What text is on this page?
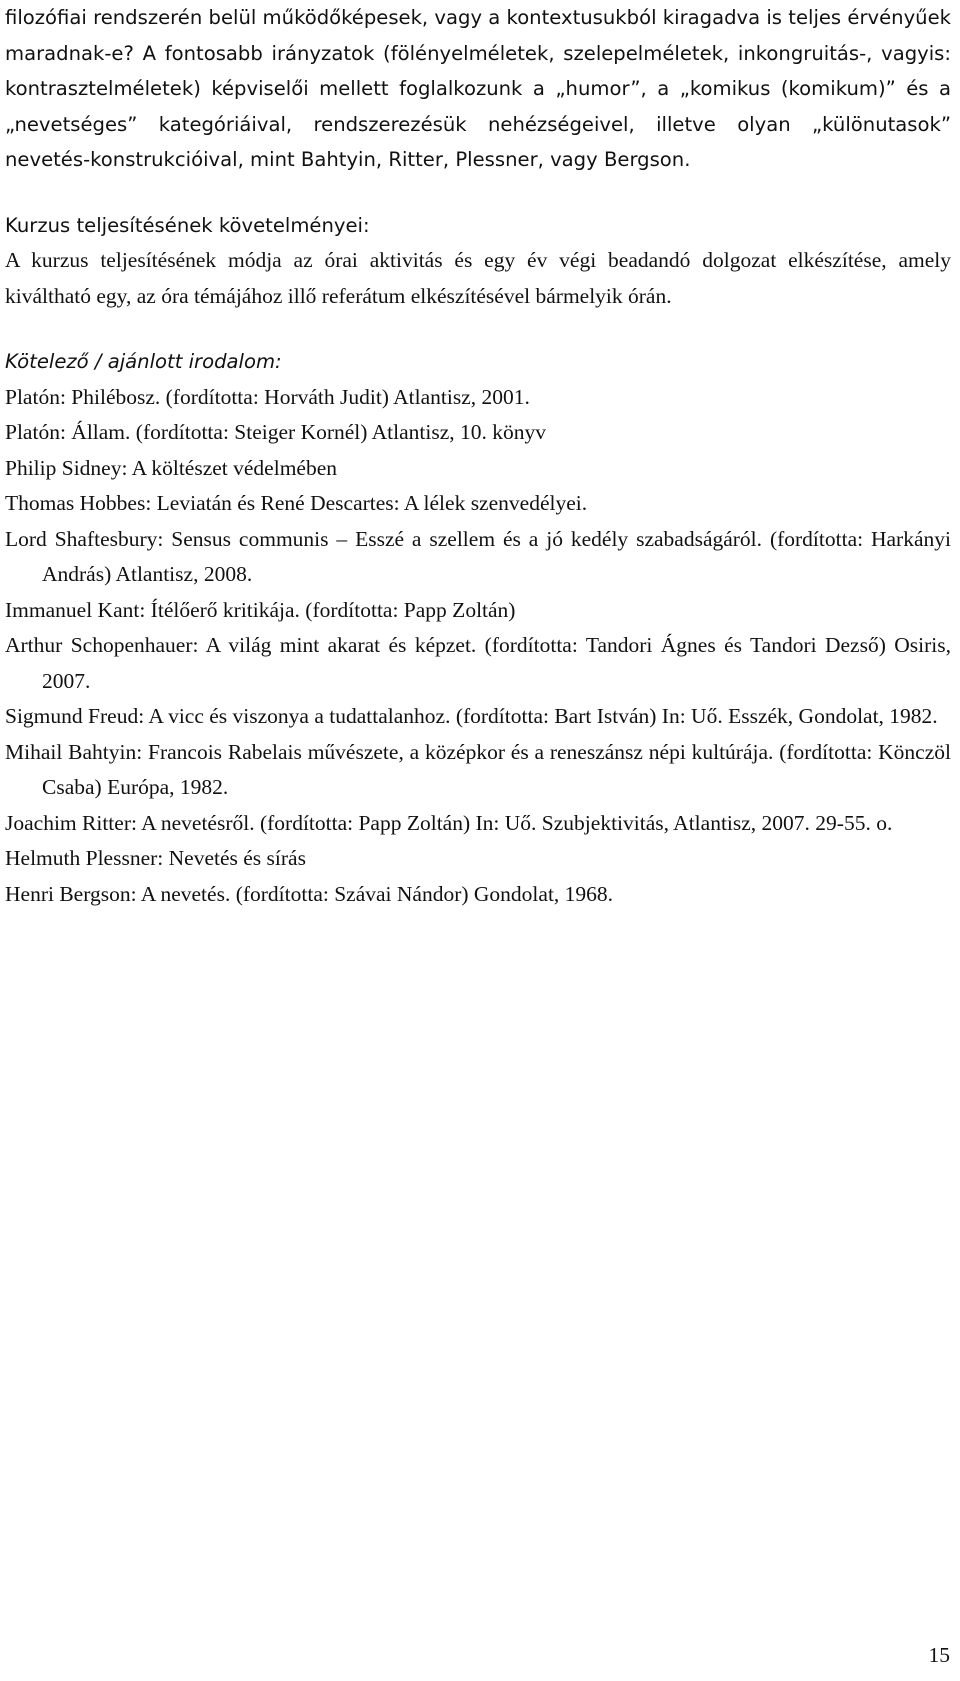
filozófiai rendszerén belül működőképesek, vagy a kontextusukból kiragadva is teljes érvényűek maradnak-e? A fontosabb irányzatok (fölényelméletek, szelepelméletek, inkongruitás-, vagyis: kontrasztelméletek) képviselői mellett foglalkozunk a „humor”, a „komikus (komikum)” és a „nevetséges” kategóriáival, rendszerezésük nehézségeivel, illetve olyan „különutasok” nevetés-konstrukcióival, mint Bahtyin, Ritter, Plessner, vagy Bergson.

Kurzus teljesítésének követelményei:

A kurzus teljesítésének módja az órai aktivitás és egy év végi beadandó dolgozat elkészítése, amely kiváltható egy, az óra témájához illő referátum elkészítésével bármelyik órán.

Kötelező / ajánlott irodalom:

Platón: Philébosz. (fordította: Horváth Judit) Atlantisz, 2001.
Platón: Állam. (fordította: Steiger Kornél) Atlantisz, 10. könyv
Philip Sidney: A költészet védelmében
Thomas Hobbes: Leviatán és René Descartes: A lélek szenvedélyei.
Lord Shaftesbury: Sensus communis – Esszé a szellem és a jó kedély szabadságáról. (fordította: Harkányi András) Atlantisz, 2008.
Immanuel Kant: Ítélőerő kritikája. (fordította: Papp Zoltán)
Arthur Schopenhauer: A világ mint akarat és képzet. (fordította: Tandori Ágnes és Tandori Dezső) Osiris, 2007.
Sigmund Freud: A vicc és viszonya a tudattalanhoz. (fordította: Bart István) In: Uő. Esszék, Gondolat, 1982.
Mihail Bahtyin: Francois Rabelais művészete, a középkor és a reneszánsz népi kultúrája. (fordította: Könczöl Csaba) Európa, 1982.
Joachim Ritter: A nevetésről. (fordította: Papp Zoltán) In: Uő. Szubjektivitás, Atlantisz, 2007. 29-55. o.
Helmuth Plessner: Nevetés és sírás
Henri Bergson: A nevetés. (fordította: Szávai Nándor) Gondolat, 1968.
15
